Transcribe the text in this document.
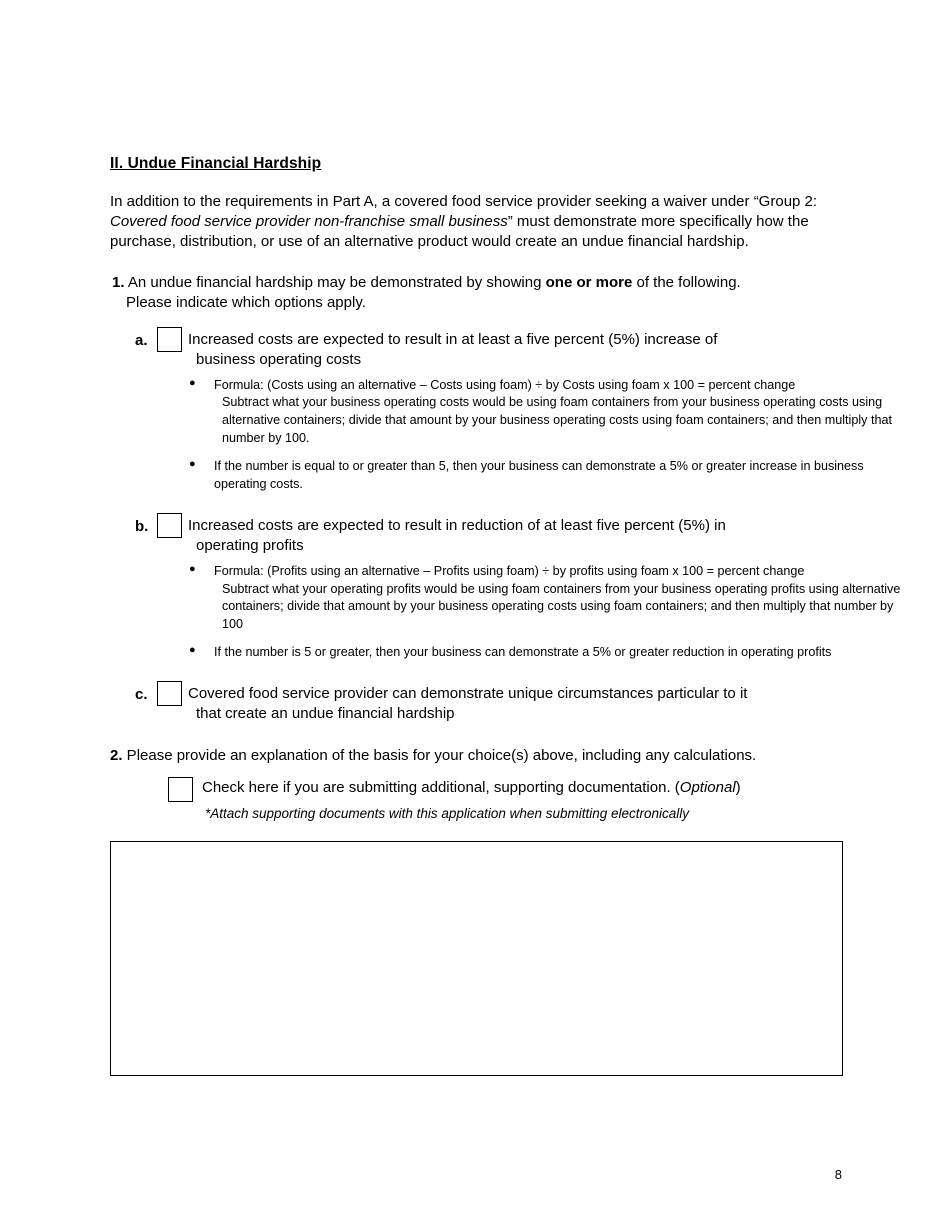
II. Undue Financial Hardship

In addition to the requirements in Part A, a covered food service provider seeking a waiver under “Group 2: Covered food service provider non-franchise small business” must demonstrate more specifically how the purchase, distribution, or use of an alternative product would create an undue financial hardship.

1. An undue financial hardship may be demonstrated by showing one or more of the following.
Please indicate which options apply.

a.	Increased costs are expected to result in at least a five percent (5%) increase of
business operating costs
● Formula: (Costs using an alternative – Costs using foam) ÷ by Costs using foam x 100 = percent change
Subtract what your business operating costs would be using foam containers from your business operating costs using alternative containers; divide that amount by your business operating costs using foam containers; and then multiply that number by 100.
● If the number is equal to or greater than 5, then your business can demonstrate a 5% or greater increase in business operating costs.
b.	Increased costs are expected to result in reduction of at least five percent (5%) in
operating profits
● Formula: (Profits using an alternative – Profits using foam) ÷ by profits using foam x 100 = percent change
Subtract what your operating profits would be using foam containers from your business operating profits using alternative containers; divide that amount by your business operating costs using foam containers; and then multiply that number by 100
● If the number is 5 or greater, then your business can demonstrate a 5% or greater reduction in operating profits
c.	Covered food service provider can demonstrate unique circumstances particular to it
that create an undue financial hardship

2. Please provide an explanation of the basis for your choice(s) above, including any calculations.

Check here if you are submitting additional, supporting documentation. (Optional)
*Attach supporting documents with this application when submitting electronically
8
